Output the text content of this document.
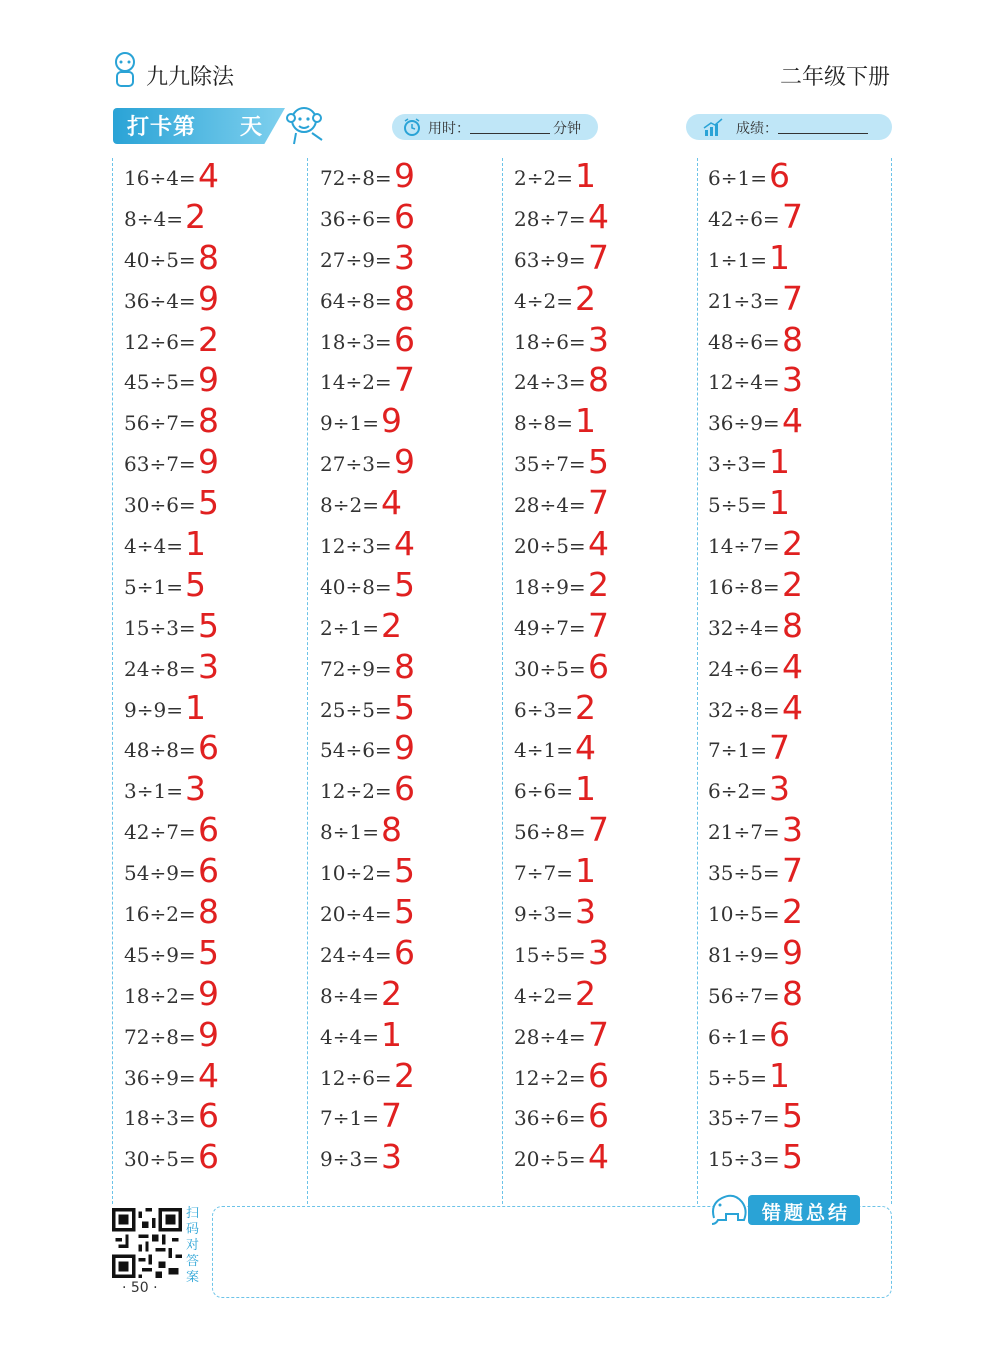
九九除法	二年级下册
打卡第 天	用时：	分钟	成绩：
16÷4= 4
8÷4= 2
40÷5= 8
36÷4= 9
12÷6= 2
45÷5= 9
56÷7= 8
63÷7= 9
30÷6= 5
4÷4= 1
5÷1= 5
15÷3= 5
24÷8= 3
9÷9= 1
48÷8= 6
3÷1= 3
42÷7= 6
54÷9= 6
16÷2= 8
45÷9= 5
18÷2= 9
72÷8= 9
36÷9= 4
18÷3= 6
30÷5= 6
72÷8= 9
36÷6= 6
27÷9= 3
64÷8= 8
18÷3= 6
14÷2= 7
9÷1= 9
27÷3= 9
8÷2= 4
12÷3= 4
40÷8= 5
2÷1= 2
72÷9= 8
25÷5= 5
54÷6= 9
12÷2= 6
8÷1= 8
10÷2= 5
20÷4= 5
24÷4= 6
8÷4= 2
4÷4= 1
12÷6= 2
7÷1= 7
9÷3= 3
2÷2= 1
28÷7= 4
63÷9= 7
4÷2= 2
18÷6= 3
24÷3= 8
8÷8= 1
35÷7= 5
28÷4= 7
20÷5= 4
18÷9= 2
49÷7= 7
30÷5= 6
6÷3= 2
4÷1= 4
6÷6= 1
56÷8= 7
7÷7= 1
9÷3= 3
15÷5= 3
4÷2= 2
28÷4= 7
12÷2= 6
36÷6= 6
20÷5= 4
6÷1= 6
42÷6= 7
1÷1= 1
21÷3= 7
48÷6= 8
12÷4= 3
36÷9= 4
3÷3= 1
5÷5= 1
14÷7= 2
16÷8= 2
32÷4= 8
24÷6= 4
32÷8= 4
7÷1= 7
6÷2= 3
21÷7= 3
35÷5= 7
10÷5= 2
81÷9= 9
56÷7= 8
6÷1= 6
5÷5= 1
35÷7= 5
15÷3= 5
错题总结
扫码对答案
· 50 ·
